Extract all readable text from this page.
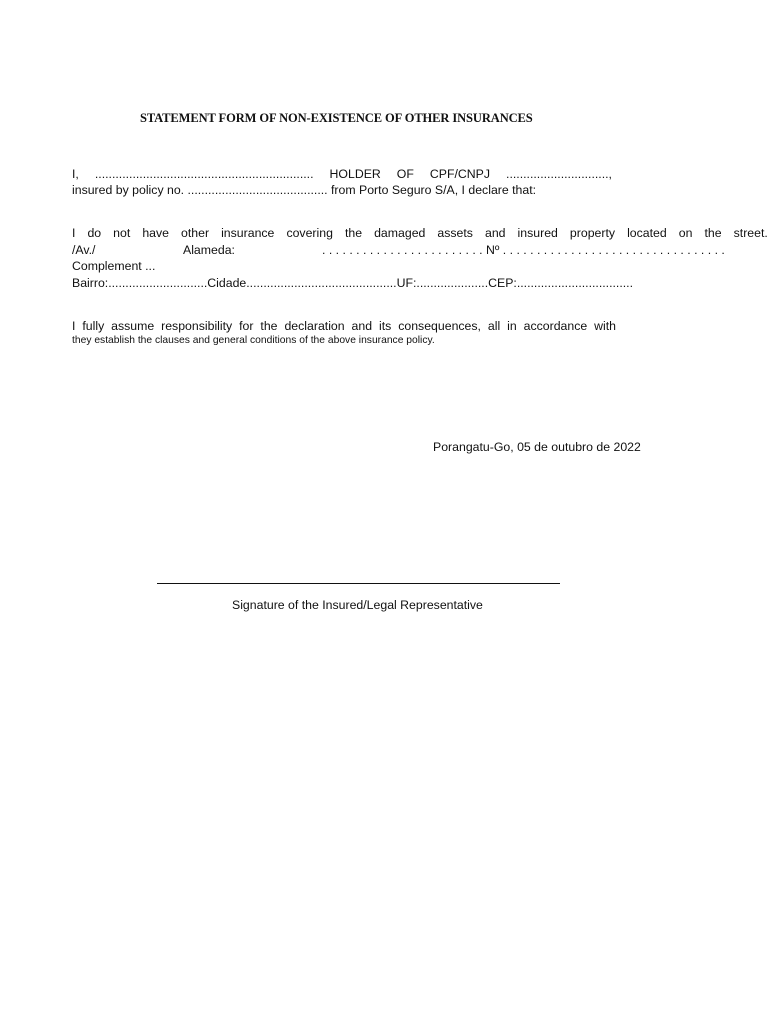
STATEMENT FORM OF NON-EXISTENCE OF OTHER INSURANCES
I, ................................................................ HOLDER OF CPF/CNPJ ..............................,
insured by policy no. ......................................... from Porto Seguro S/A, I declare that:
I do not have other insurance covering the damaged assets and insured property located on the street.
/Av./	Alameda:	. . . . . . . . . . . . . . . . . . . . . . . . Nº . . . . . . . . . . . . . . . . . . . . . . . . . . . . . . . . .
Complement ...
Bairro:.............................Cidade............................................UF:.....................CEP:..................................
I fully assume responsibility for the declaration and its consequences, all in accordance with
they establish the clauses and general conditions of the above insurance policy.
Porangatu-Go, 05 de outubro de 2022
Signature of the Insured/Legal Representative
